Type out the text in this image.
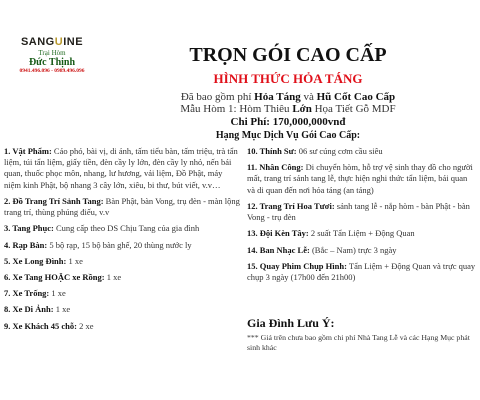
SANGUINE
Trại Hòm
Đức Thịnh
0941.496.096 - 0989.496.096
TRỌN GÓI CAO CẤP
HÌNH THỨC HỎA TÁNG
Đã bao gồm phí Hỏa Táng và Hũ Cốt Cao Cấp
Mẫu Hòm 1: Hòm Thiêu Lớn Họa Tiết Gỗ MDF
Chi Phí: 170,000,000vnđ
Hạng Mục Dịch Vụ Gói Cao Cấp:
1. Vật Phẩm: Cáo phó, bài vị, di ảnh, tấm tiểu bàn, tấm triệu, trà tẩn liệm, túi tẩn liệm, giấy tiền, đèn cầy ly lớn, đèn cầy ly nhỏ, nến bái quan, thuốc phọc môn, nhang, lư hương, vải liệm, Đồ Phật, máy niệm kinh Phật, bộ nhang 3 cây lớn, xiêu, bi thư, bút viết, v.v…
2. Đồ Trang Trí Sảnh Tang: Bàn Phật, bàn Vong, trụ đèn - màn lộng trang trí, thùng phúng điếu, v.v
3. Tang Phục: Cung cấp theo DS Chịu Tang của gia đình
4. Rạp Bàn: 5 bộ rạp, 15 bộ bàn ghế, 20 thùng nước ly
5. Xe Long Đình: 1 xe
6. Xe Tang HOẶC xe Rồng: 1 xe
7. Xe Trống: 1 xe
8. Xe Di Ảnh: 1 xe
9. Xe Khách 45 chỗ: 2 xe
10. Thính Sư: 06 sư cúng cơm cầu siêu
11. Nhân Công: Di chuyển hòm, hỗ trợ vệ sinh thay đồ cho người mất, trang trí sảnh tang lễ, thực hiện nghi thức tẩn liệm, bái quan và di quan đến nơi hỏa táng (an táng)
12. Trang Trí Hoa Tươi: sảnh tang lễ - nắp hòm - bàn Phật - bàn Vong - trụ đèn
13. Đội Kèn Tây: 2 suất Tẩn Liệm + Động Quan
14. Ban Nhạc Lễ: (Bắc – Nam) trực 3 ngày
15. Quay Phim Chụp Hình: Tẩn Liệm + Động Quan và trực quay chụp 3 ngày (17h00 đến 21h00)
Gia Đình Lưu Ý:
*** Giá trên chưa bao gồm chi phí Nhà Tang Lễ và các Hạng Mục phát sinh khác
